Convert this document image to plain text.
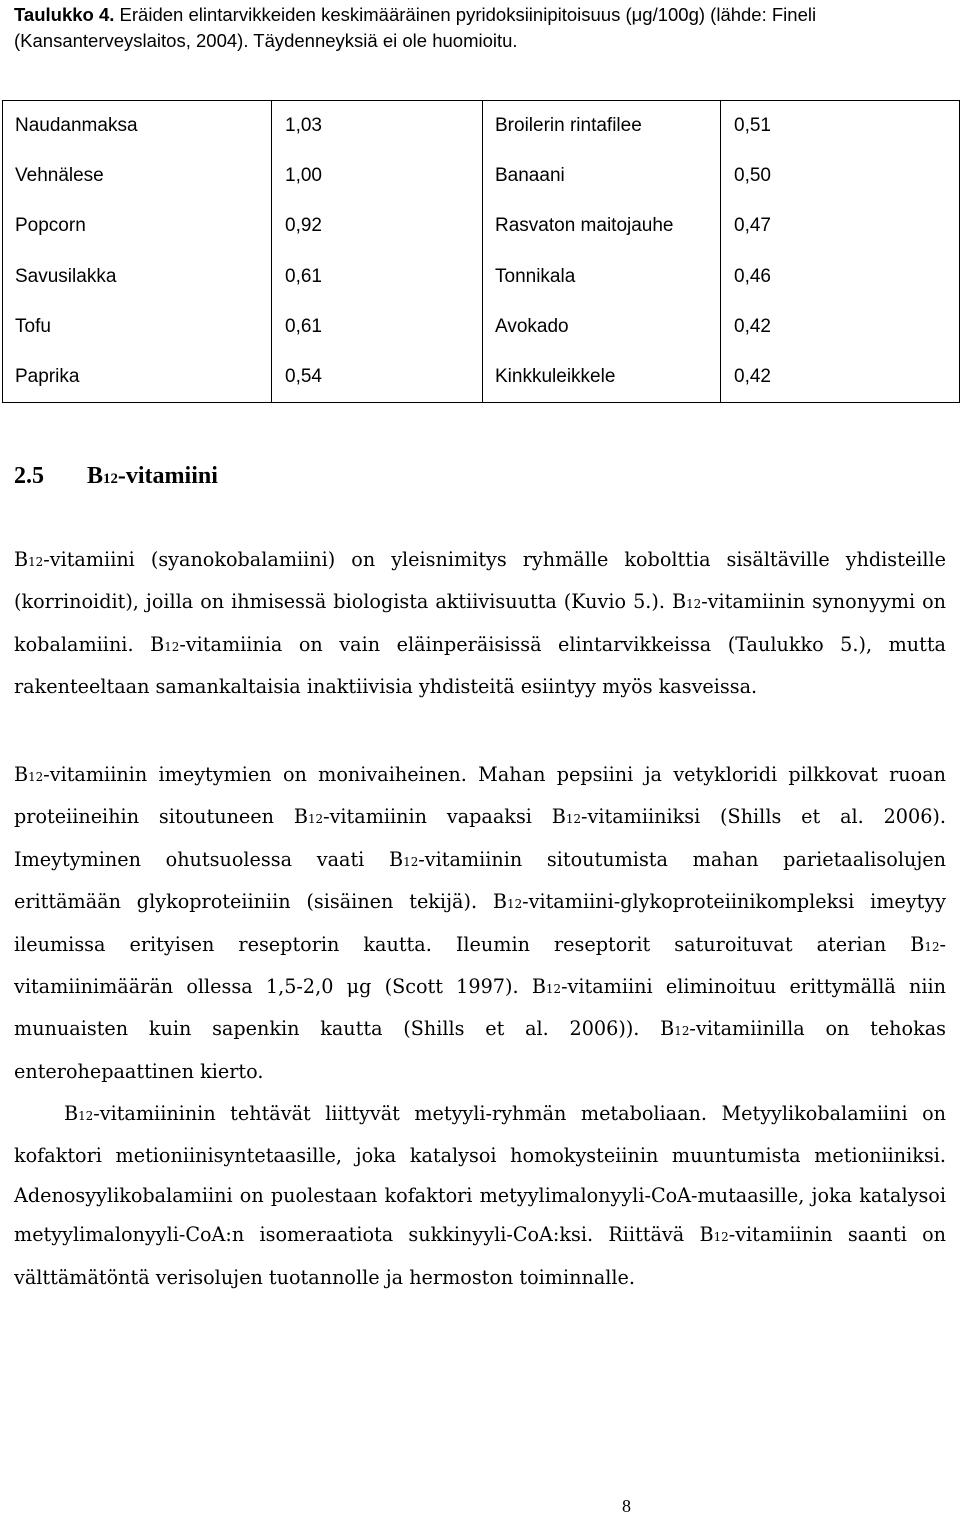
Taulukko 4. Eräiden elintarvikkeiden keskimääräinen pyridoksiinipitoisuus (μg/100g) (lähde: Fineli (Kansanterveyslaitos, 2004). Täydenneyksiä ei ole huomioitu.
Naudanmaksa	1,03	Broilerin rintafilee	0,51
Vehnälese	1,00	Banaani	0,50
Popcorn	0,92	Rasvaton maitojauhe	0,47
Savusilakka	0,61	Tonnikala	0,46
Tofu	0,61	Avokado	0,42
Paprika	0,54	Kinkkuleikkele	0,42
2.5 B12-vitamiini

B12-vitamiini (syanokobalamiini) on yleisnimitys ryhmälle kobolttia sisältäville yhdisteille (korrinoidit), joilla on ihmisessä biologista aktiivisuutta (Kuvio 5.). B12-vitamiinin synonyymi on kobalamiini. B12-vitamiinia on vain eläinperäisissä elintarvikkeissa (Taulukko 5.), mutta rakenteeltaan samankaltaisia inaktiivisia yhdisteitä esiintyy myös kasveissa.

B12-vitamiinin imeytymien on monivaiheinen. Mahan pepsiini ja vetykloridi pilkkovat ruoan proteiineihin sitoutuneen B12-vitamiinin vapaaksi B12-vitamiiniksi (Shills et al. 2006). Imeytyminen ohutsuolessa vaati B12-vitamiinin sitoutumista mahan parietaalisolujen erittämään glykoproteiiniin (sisäinen tekijä). B12-vitamiini-glykoproteiinikompleksi imeytyy ileumissa erityisen reseptorin kautta. Ileumin reseptorit saturoituvat aterian B12-vitamiinimäärän ollessa 1,5-2,0 μg (Scott 1997). B12-vitamiini eliminoituu erittymällä niin munuaisten kuin sapenkin kautta (Shills et al. 2006)). B12-vitamiinilla on tehokas enterohepaattinen kierto.

B12-vitamiininin tehtävät liittyvät metyyli-ryhmän metaboliaan. Metyylikobalamiini on kofaktori metioniinisyntetaasille, joka katalysoi homokysteiinin muuntumista metioniiniksi. Adenosyylikobalamiini on puolestaan kofaktori metyylimalonyyli-CoA-mutaasille, joka katalysoi metyylimalonyyli-CoA:n isomeraatiota sukkinyyli-CoA:ksi. Riittävä B12-vitamiinin saanti on välttämätöntä verisolujen tuotannolle ja hermoston toiminnalle.

8
